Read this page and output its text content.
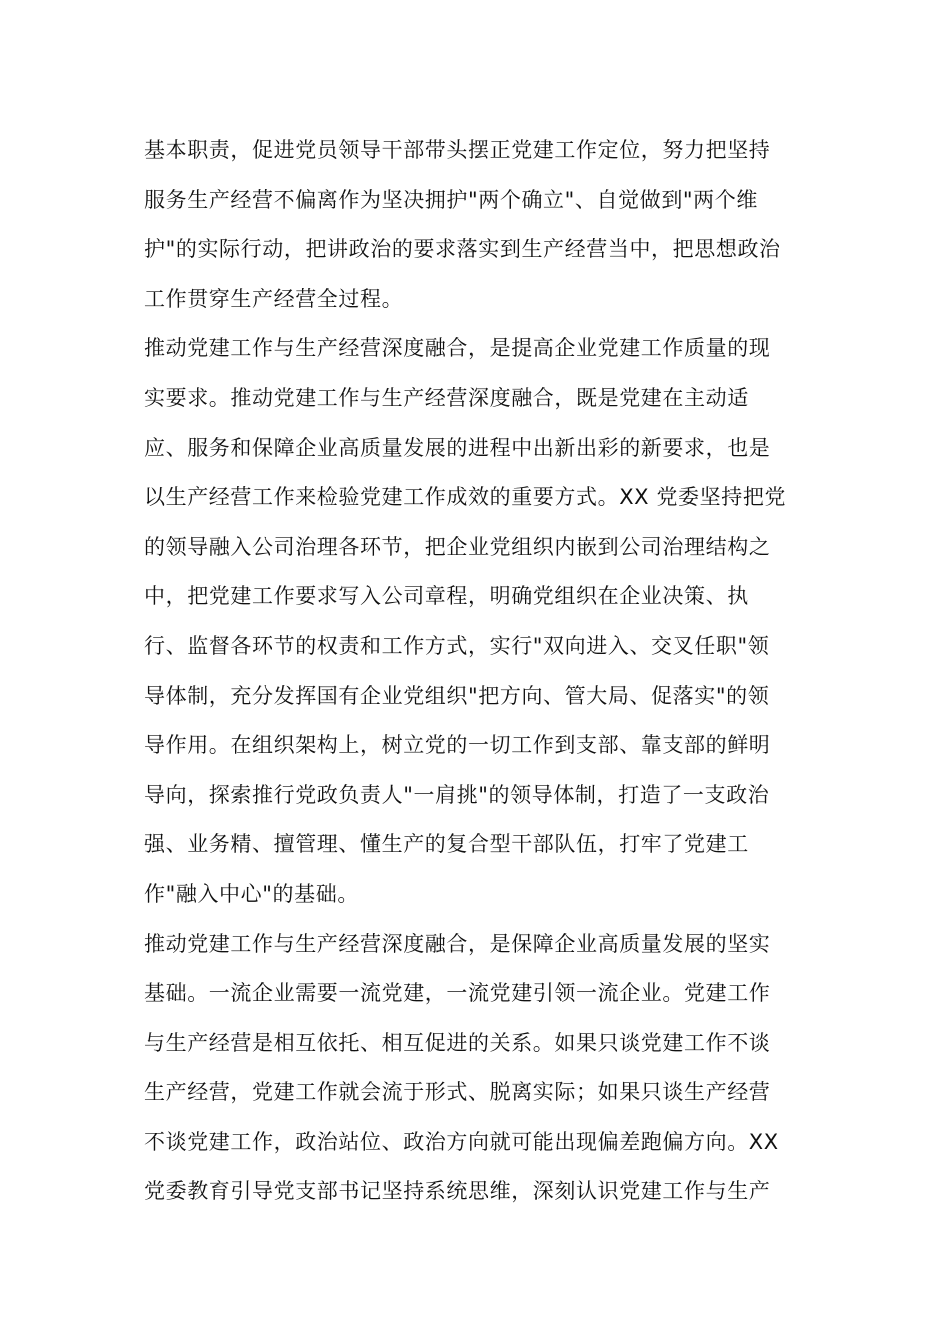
基本职责，促进党员领导干部带头摆正党建工作定位，努力把坚持
服务生产经营不偏离作为坚决拥护"两个确立"、自觉做到"两个维
护"的实际行动，把讲政治的要求落实到生产经营当中，把思想政治
工作贯穿生产经营全过程。
推动党建工作与生产经营深度融合，是提高企业党建工作质量的现
实要求。推动党建工作与生产经营深度融合，既是党建在主动适
应、服务和保障企业高质量发展的进程中出新出彩的新要求，也是
以生产经营工作来检验党建工作成效的重要方式。XX 党委坚持把党
的领导融入公司治理各环节，把企业党组织内嵌到公司治理结构之
中，把党建工作要求写入公司章程，明确党组织在企业决策、执
行、监督各环节的权责和工作方式，实行"双向进入、交叉任职"领
导体制，充分发挥国有企业党组织"把方向、管大局、促落实"的领
导作用。在组织架构上，树立党的一切工作到支部、靠支部的鲜明
导向，探索推行党政负责人"一肩挑"的领导体制，打造了一支政治
强、业务精、擅管理、懂生产的复合型干部队伍，打牢了党建工
作"融入中心"的基础。
推动党建工作与生产经营深度融合，是保障企业高质量发展的坚实
基础。一流企业需要一流党建，一流党建引领一流企业。党建工作
与生产经营是相互依托、相互促进的关系。如果只谈党建工作不谈
生产经营，党建工作就会流于形式、脱离实际；如果只谈生产经营
不谈党建工作，政治站位、政治方向就可能出现偏差跑偏方向。XX
党委教育引导党支部书记坚持系统思维，深刻认识党建工作与生产
